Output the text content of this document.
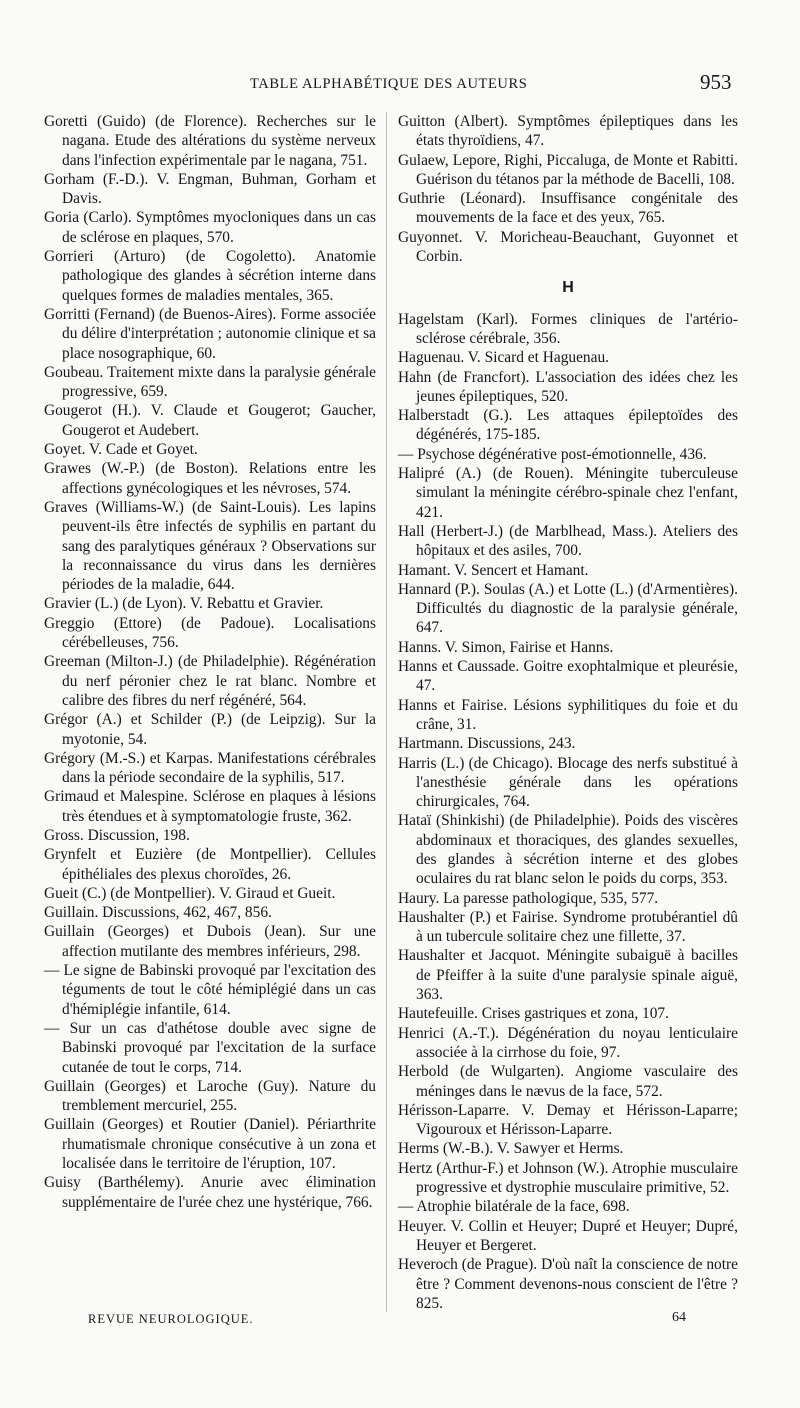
TABLE ALPHABÉTIQUE DES AUTEURS	953

Goretti (Guido) (de Florence). Recherches sur le nagana. Etude des altérations du système nerveux dans l'infection expérimentale par le nagana, 751.

Gorham (F.-D.). V. Engman, Buhman, Gorham et Davis.

Goria (Carlo). Symptômes myocloniques dans un cas de sclérose en plaques, 570.

Gorrieri (Arturo) (de Cogoletto). Anatomie pathologique des glandes à sécrétion interne dans quelques formes de maladies mentales, 365.

Gorritti (Fernand) (de Buenos-Aires). Forme associée du délire d'interprétation ; autonomie clinique et sa place nosographique, 60.

Goubeau. Traitement mixte dans la paralysie générale progressive, 659.

Gougerot (H.). V. Claude et Gougerot; Gaucher, Gougerot et Audebert.

Goyet. V. Cade et Goyet.

Grawes (W.-P.) (de Boston). Relations entre les affections gynécologiques et les névroses, 574.

Graves (Williams-W.) (de Saint-Louis). Les lapins peuvent-ils être infectés de syphilis en partant du sang des paralytiques généraux ? Observations sur la reconnaissance du virus dans les dernières périodes de la maladie, 644.

Gravier (L.) (de Lyon). V. Rebattu et Gravier.

Greggio (Ettore) (de Padoue). Localisations cérébelleuses, 756.

Greeman (Milton-J.) (de Philadelphie). Régénération du nerf péronier chez le rat blanc. Nombre et calibre des fibres du nerf régénéré, 564.

Grégor (A.) et Schilder (P.) (de Leipzig). Sur la myotonie, 54.

Grégory (M.-S.) et Karpas. Manifestations cérébrales dans la période secondaire de la syphilis, 517.

Grimaud et Malespine. Sclérose en plaques à lésions très étendues et à symptomatologie fruste, 362.

Gross. Discussion, 198.

Grynfelt et Euzière (de Montpellier). Cellules épithéliales des plexus choroïdes, 26.

Gueit (C.) (de Montpellier). V. Giraud et Gueit.

Guillain. Discussions, 462, 467, 856.

Guillain (Georges) et Dubois (Jean). Sur une affection mutilante des membres inférieurs, 298.

— Le signe de Babinski provoqué par l'excitation des téguments de tout le côté hémiplégié dans un cas d'hémiplégie infantile, 614.

— Sur un cas d'athétose double avec signe de Babinski provoqué par l'excitation de la surface cutanée de tout le corps, 714.

Guillain (Georges) et Laroche (Guy). Nature du tremblement mercuriel, 255.

Guillain (Georges) et Routier (Daniel). Périarthrite rhumatismale chronique consécutive à un zona et localisée dans le territoire de l'éruption, 107.

Guisy (Barthélemy). Anurie avec élimination supplémentaire de l'urée chez une hystérique, 766.

Guitton (Albert). Symptômes épileptiques dans les états thyroïdiens, 47.

Gulaew, Lepore, Righi, Piccaluga, de Monte et Rabitti. Guérison du tétanos par la méthode de Bacelli, 108.

Guthrie (Léonard). Insuffisance congénitale des mouvements de la face et des yeux, 765.

Guyonnet. V. Moricheau-Beauchant, Guyonnet et Corbin.

H

Hagelstam (Karl). Formes cliniques de l'artério-sclérose cérébrale, 356.

Haguenau. V. Sicard et Haguenau.

Hahn (de Francfort). L'association des idées chez les jeunes épileptiques, 520.

Halberstadt (G.). Les attaques épileptoïdes des dégénérés, 175-185.

— Psychose dégénérative post-émotionnelle, 436.

Halipré (A.) (de Rouen). Méningite tuberculeuse simulant la méningite cérébro-spinale chez l'enfant, 421.

Hall (Herbert-J.) (de Marblhead, Mass.). Ateliers des hôpitaux et des asiles, 700.

Hamant. V. Sencert et Hamant.

Hannard (P.). Soulas (A.) et Lotte (L.) (d'Armentières). Difficultés du diagnostic de la paralysie générale, 647.

Hanns. V. Simon, Fairise et Hanns.

Hanns et Caussade. Goitre exophtalmique et pleurésie, 47.

Hanns et Fairise. Lésions syphilitiques du foie et du crâne, 31.

Hartmann. Discussions, 243.

Harris (L.) (de Chicago). Blocage des nerfs substitué à l'anesthésie générale dans les opérations chirurgicales, 764.

Hataï (Shinkishi) (de Philadelphie). Poids des viscères abdominaux et thoraciques, des glandes sexuelles, des glandes à sécrétion interne et des globes oculaires du rat blanc selon le poids du corps, 353.

Haury. La paresse pathologique, 535, 577.

Haushalter (P.) et Fairise. Syndrome protubérantiel dû à un tubercule solitaire chez une fillette, 37.

Haushalter et Jacquot. Méningite subaiguë à bacilles de Pfeiffer à la suite d'une paralysie spinale aiguë, 363.

Hautefeuille. Crises gastriques et zona, 107.

Henrici (A.-T.). Dégénération du noyau lenticulaire associée à la cirrhose du foie, 97.

Herbold (de Wulgarten). Angiome vasculaire des méninges dans le nævus de la face, 572.

Hérisson-Laparre. V. Demay et Hérisson-Laparre; Vigouroux et Hérisson-Laparre.

Herms (W.-B.). V. Sawyer et Herms.

Hertz (Arthur-F.) et Johnson (W.). Atrophie musculaire progressive et dystrophie musculaire primitive, 52.

— Atrophie bilatérale de la face, 698.

Heuyer. V. Collin et Heuyer; Dupré et Heuyer; Dupré, Heuyer et Bergeret.

Heveroch (de Prague). D'où naît la conscience de notre être ? Comment devenons-nous conscient de l'être ? 825.

REVUE NEUROLOGIQUE.	64
